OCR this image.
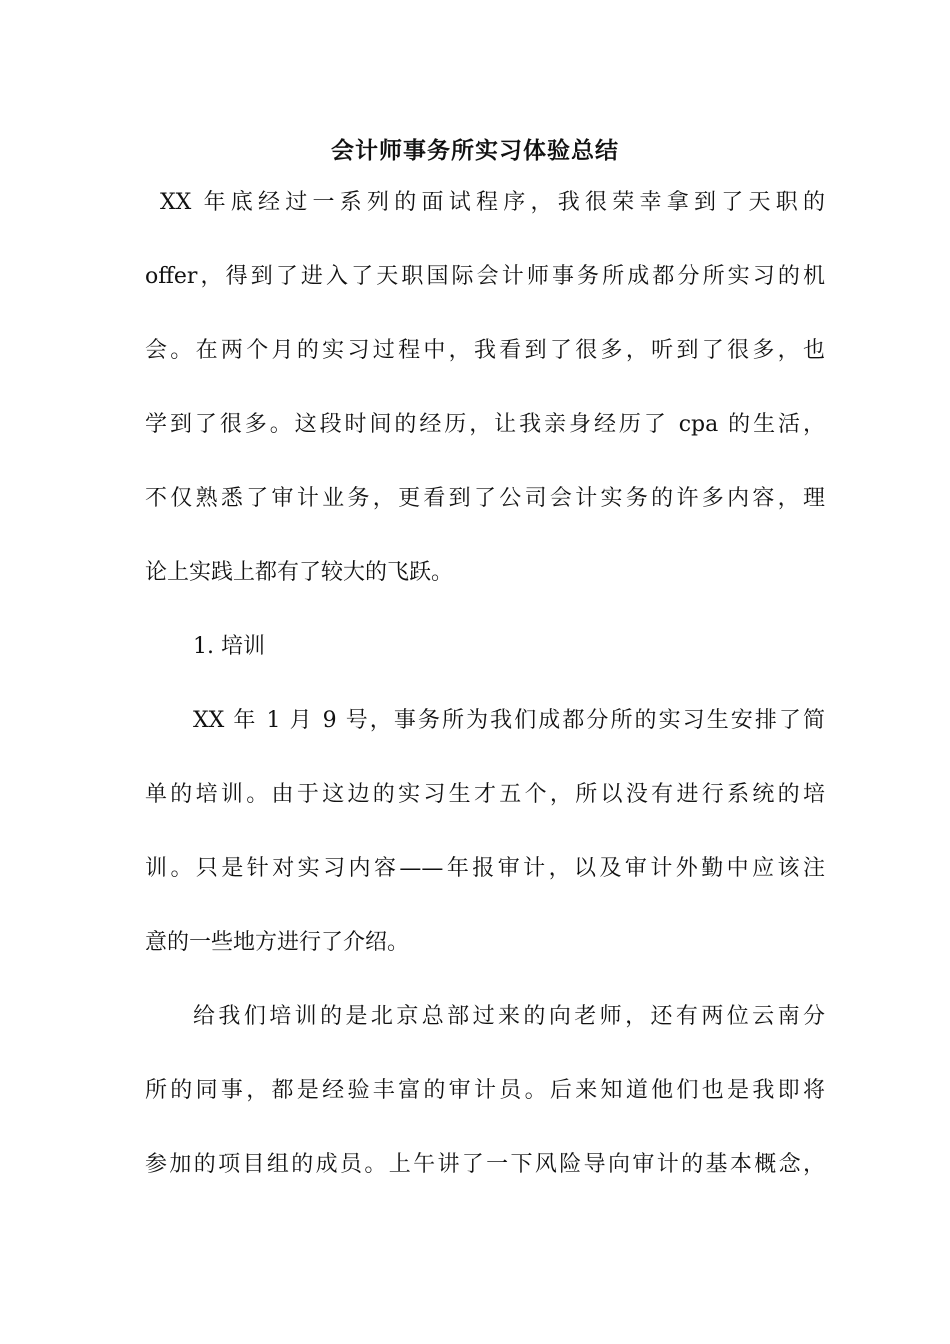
会计师事务所实习体验总结
XX 年底经过一系列的面试程序，我很荣幸拿到了天职的
offer，得到了进入了天职国际会计师事务所成都分所实习的机
会。在两个月的实习过程中，我看到了很多，听到了很多，也
学到了很多。这段时间的经历，让我亲身经历了 cpa 的生活，
不仅熟悉了审计业务，更看到了公司会计实务的许多内容，理
论上实践上都有了较大的飞跃。
1. 培训
XX 年 1 月 9 号，事务所为我们成都分所的实习生安排了简
单的培训。由于这边的实习生才五个，所以没有进行系统的培
训。只是针对实习内容——年报审计，以及审计外勤中应该注
意的一些地方进行了介绍。
给我们培训的是北京总部过来的向老师，还有两位云南分
所的同事，都是经验丰富的审计员。后来知道他们也是我即将
参加的项目组的成员。上午讲了一下风险导向审计的基本概念，
